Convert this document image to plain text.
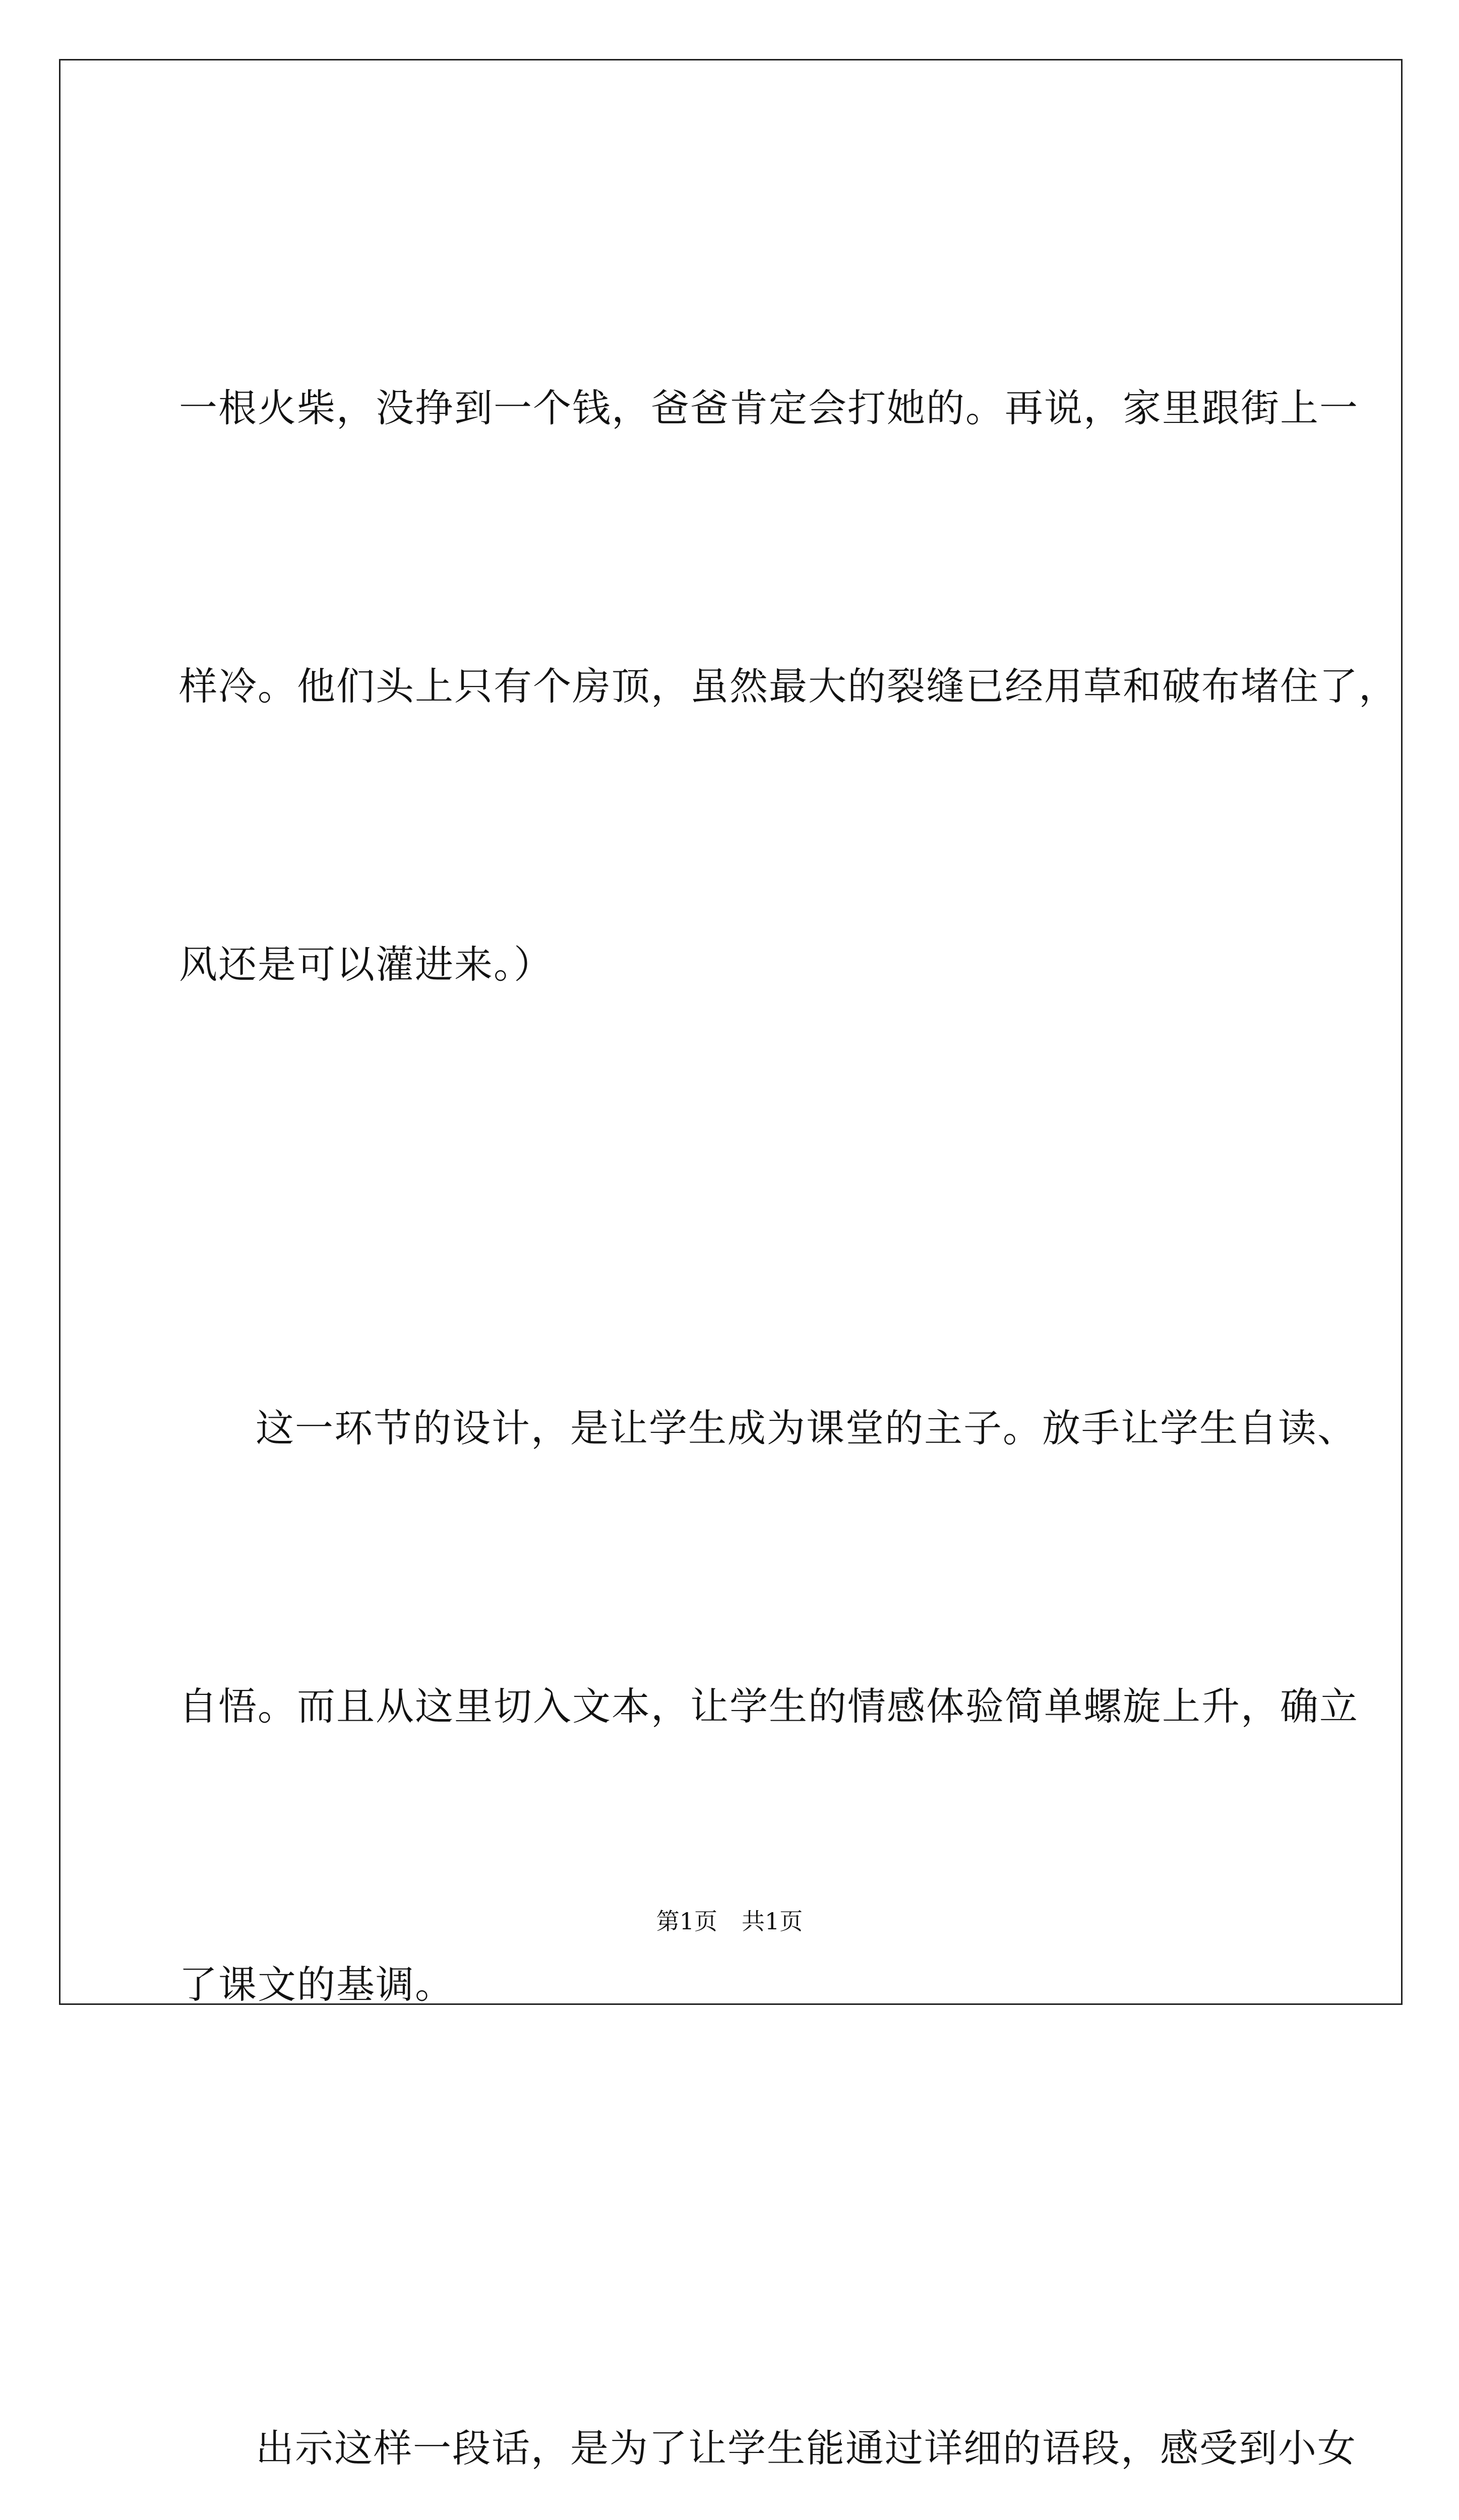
一根火柴，没挣到一个钱，爸爸肯定会打她的。再说，家里跟街上一

样冷。他们头上只有个房顶，虽然最大的裂缝已经用草和破布堵住了，

风还是可以灌进来。）

这一环节的设计，是让学生成为课堂的主子。放手让学生自读、

自悟。而且从这里切入文本，让学生的情感体验简单螺旋上升，确立

了课文的基调。

出示这样一段话，是为了让学生能通过详细的语段，感受到小女

第1页 共1页
